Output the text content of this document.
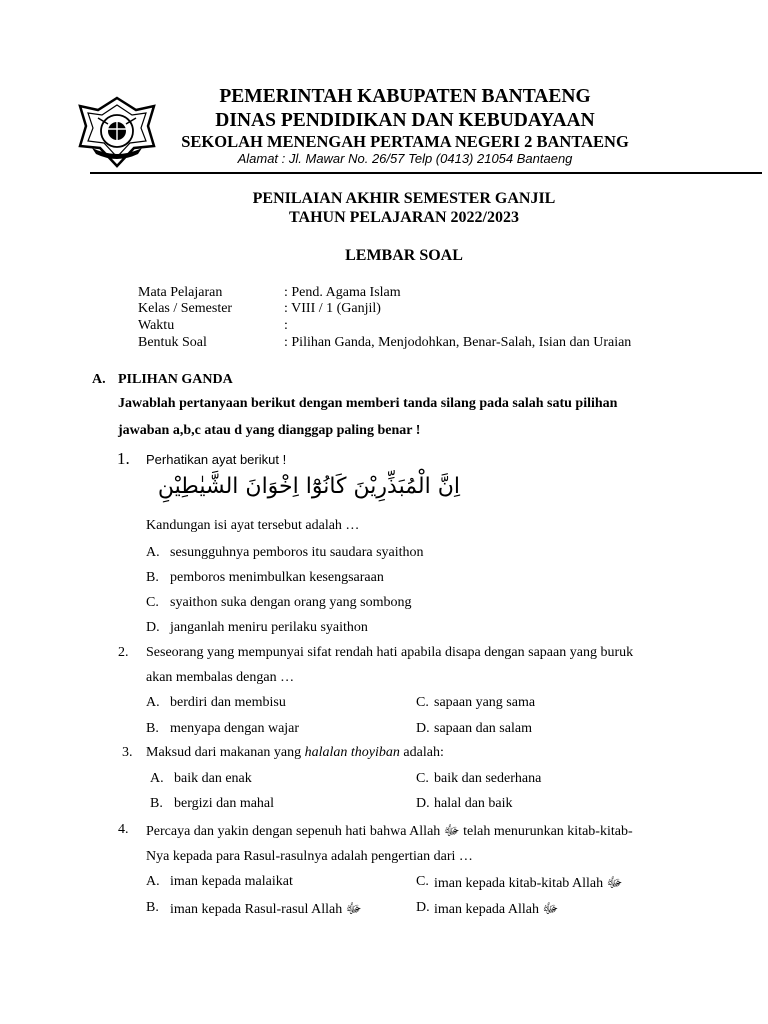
PEMERINTAH KABUPATEN BANTAENG
DINAS PENDIDIKAN DAN KEBUDAYAAN
SEKOLAH MENENGAH PERTAMA NEGERI 2 BANTAENG
Alamat : Jl. Mawar No. 26/57 Telp (0413) 21054 Bantaeng
PENILAIAN AKHIR SEMESTER GANJIL
TAHUN PELAJARAN 2022/2023
LEMBAR SOAL
Mata Pelajaran	: Pend. Agama Islam
Kelas / Semester	: VIII / 1 (Ganjil)
Waktu	:
Bentuk Soal	: Pilihan Ganda, Menjodohkan, Benar-Salah, Isian dan Uraian
A. PILIHAN GANDA
Jawablah pertanyaan berikut dengan memberi tanda silang pada salah satu pilihan
jawaban a,b,c atau d yang dianggap paling benar !
1. Perhatikan ayat berikut !
اِنَّ الْمُبَذِّرِيْنَ كَانُوْٓا اِخْوَانَ الشَّيٰطِيْنِ
Kandungan isi ayat tersebut adalah …
A. sesungguhnya pemboros itu saudara syaithon
B. pemboros menimbulkan kesengsaraan
C. syaithon suka dengan orang yang sombong
D. janganlah meniru perilaku syaithon
2. Seseorang yang mempunyai sifat rendah hati apabila disapa dengan sapaan yang buruk
akan membalas dengan …
A. berdiri dan membisu
B. menyapa dengan wajar
C. sapaan yang sama
D. sapaan dan salam
3. Maksud dari makanan yang halalan thoyiban adalah:
A. baik dan enak
B. bergizi dan mahal
C. baik dan sederhana
D. halal dan baik
4. Percaya dan yakin dengan sepenuh hati bahwa Allah ﷻ telah menurunkan kitab-kitab-
Nya kepada para Rasul-rasulnya adalah pengertian dari …
A. iman kepada malaikat
B. iman kepada Rasul-rasul Allah ﷻ
C. iman kepada kitab-kitab Allah ﷻ
D. iman kepada Allah ﷻ
